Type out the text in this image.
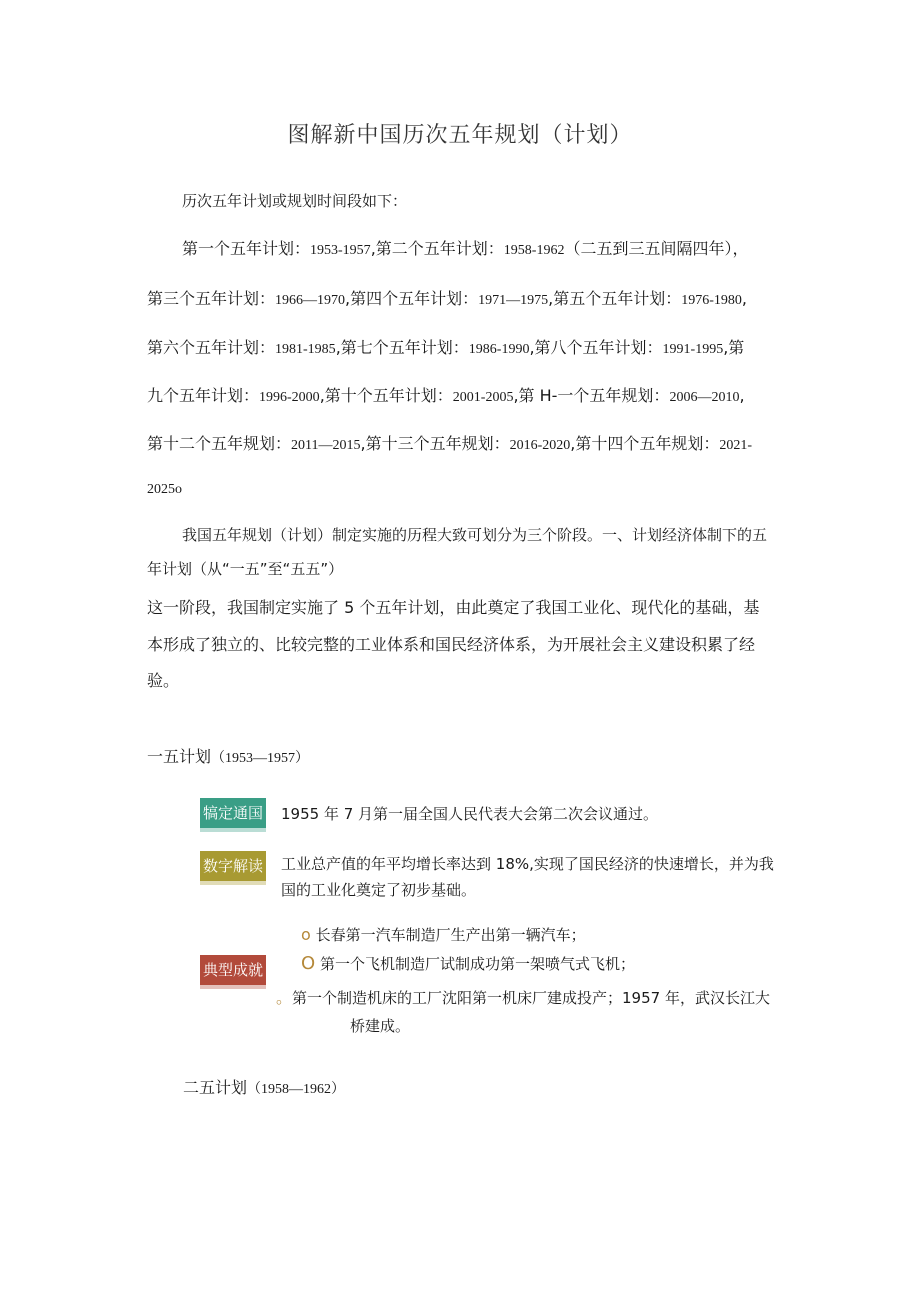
图解新中国历次五年规划（计划）
历次五年计划或规划时间段如下：
第一个五年计划：1953-1957,第二个五年计划：1958-1962（二五到三五间隔四年），
第三个五年计划：1966—1970,第四个五年计划：1971—1975,第五个五年计划：1976-1980,
第六个五年计划：1981-1985,第七个五年计划：1986-1990,第八个五年计划：1991-1995,第
九个五年计划：1996-2000,第十个五年计划：2001-2005,第 H-一个五年规划：2006—2010,
第十二个五年规划：2011—2015,第十三个五年规划：2016-2020,第十四个五年规划：2021-
2025o
我国五年规划（计划）制定实施的历程大致可划分为三个阶段。一、计划经济体制下的五
年计划（从“一五”至“五五”）
这一阶段，我国制定实施了 5 个五年计划，由此奠定了我国工业化、现代化的基础，基
本形成了独立的、比较完整的工业体系和国民经济体系，为开展社会主义建设积累了经
验。
一五计划（1953—1957）
犒定通国 1955 年 7 月第一届全国人民代表大会第二次会议通过。
数字解读 工业总产值的年平均增长率达到 18%,实现了国民经济的快速增长，并为我
国的工业化奠定了初步基础。
典型成就
o 长春第一汽车制造厂生产出第一辆汽车；
O 第一个飞机制造厂试制成功第一架喷气式飞机；
。第一个制造机床的工厂沈阳第一机床厂建成投产；1957 年，武汉长江大
桥建成。
二五计划（1958—1962）
